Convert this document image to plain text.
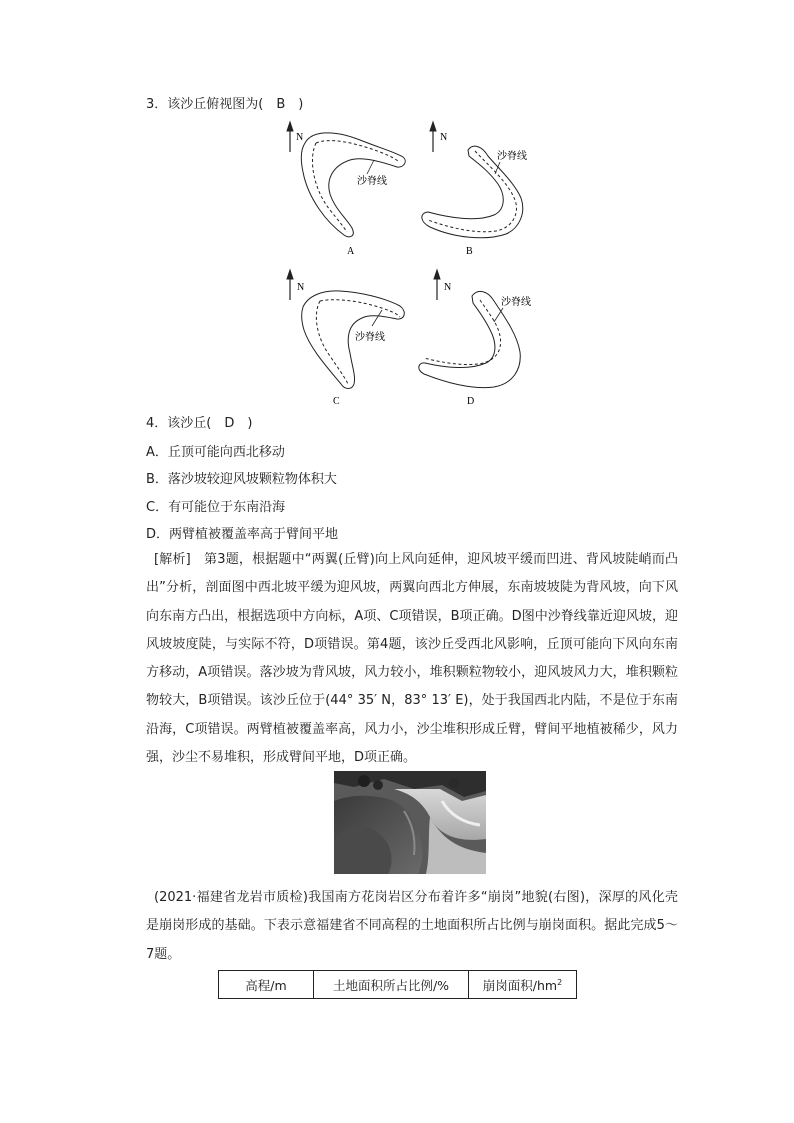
3．该沙丘俯视图为(　B　)
N	N
N	N
沙脊线
A
沙脊线
B
沙脊线
C
沙脊线
D
4．该沙丘(　D　)
A．丘顶可能向西北移动
B．落沙坡较迎风坡颗粒物体积大
C．有可能位于东南沿海
D．两臂植被覆盖率高于臂间平地
[解析]　第3题，根据题中“两翼(丘臂)向上风向延伸，迎风坡平缓而凹进、背风坡陡峭而凸出”分析，剖面图中西北坡平缓为迎风坡，两翼向西北方伸展，东南坡坡陡为背风坡，向下风向东南方凸出，根据选项中方向标，A项、C项错误，B项正确。D图中沙脊线靠近迎风坡，迎风坡坡度陡，与实际不符，D项错误。第4题，该沙丘受西北风影响，丘顶可能向下风向东南方移动，A项错误。落沙坡为背风坡，风力较小，堆积颗粒物较小，迎风坡风力大，堆积颗粒物较大，B项错误。该沙丘位于(44° 35′ N，83° 13′ E)，处于我国西北内陆，不是位于东南沿海，C项错误。两臂植被覆盖率高，风力小，沙尘堆积形成丘臂，臂间平地植被稀少，风力强，沙尘不易堆积，形成臂间平地，D项正确。
(2021·福建省龙岩市质检)我国南方花岗岩区分布着许多“崩岗”地貌(右图)，深厚的风化壳是崩岗形成的基础。下表示意福建省不同高程的土地面积所占比例与崩岗面积。据此完成5～7题。
高程/m	土地面积所占比例/%	崩岗面积$/hm^2$
